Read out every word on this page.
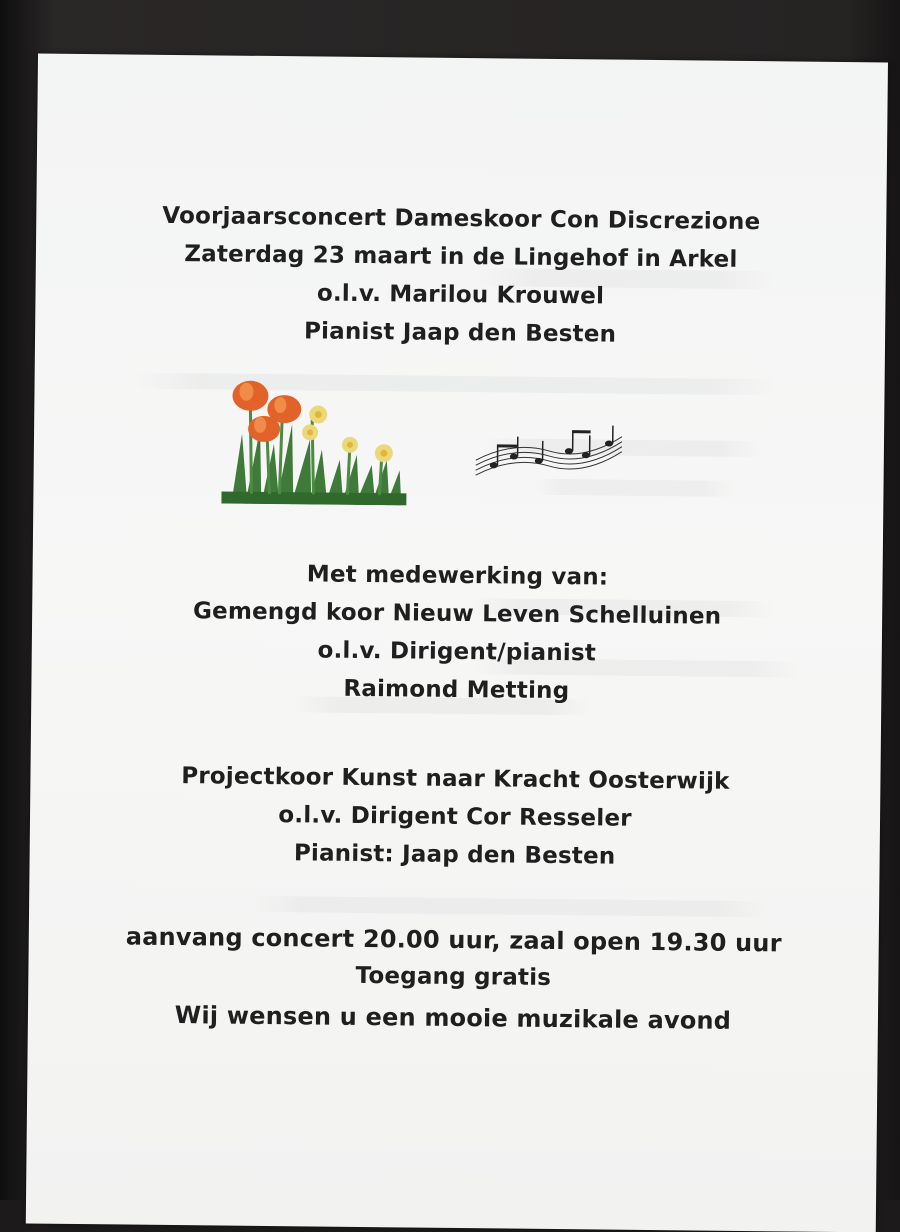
Voorjaarsconcert Dameskoor Con Discrezione
Zaterdag 23 maart in de Lingehof in Arkel
o.l.v. Marilou Krouwel
Pianist Jaap den Besten
Met medewerking van:
Gemengd koor Nieuw Leven Schelluinen
o.l.v. Dirigent/pianist
Raimond Metting
Projectkoor Kunst naar Kracht Oosterwijk
o.l.v. Dirigent Cor Resseler
Pianist: Jaap den Besten
aanvang concert 20.00 uur, zaal open 19.30 uur
Toegang gratis
Wij wensen u een mooie muzikale avond
